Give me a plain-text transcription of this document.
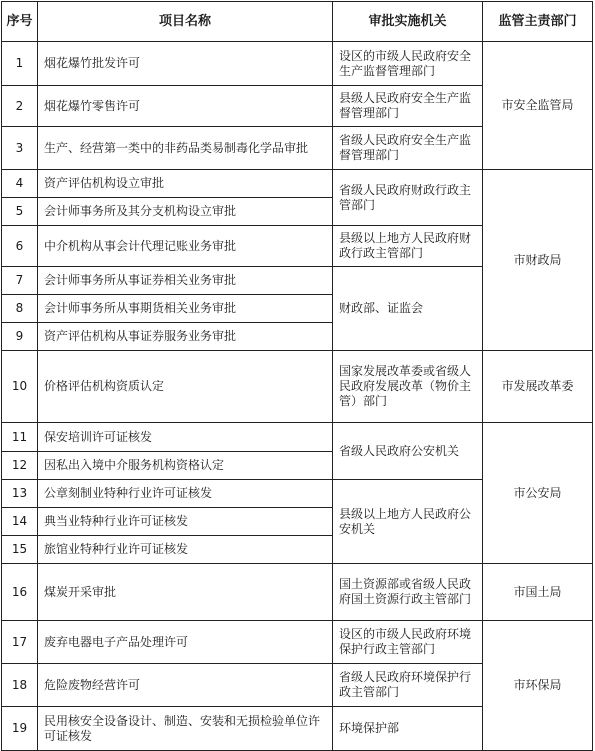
序号	项目名称	审批实施机关	监管主责部门
1	烟花爆竹批发许可	设区的市级人民政府安全生产监督管理部门	市安全监管局
2	烟花爆竹零售许可	县级人民政府安全生产监督管理部门	
3	生产、经营第一类中的非药品类易制毒化学品审批	省级人民政府安全生产监督管理部门	
4	资产评估机构设立审批	省级人民政府财政行政主管部门	市财政局
5	会计师事务所及其分支机构设立审批		
6	中介机构从事会计代理记账业务审批	县级以上地方人民政府财政行政主管部门	
7	会计师事务所从事证券相关业务审批	财政部、证监会	
8	会计师事务所从事期货相关业务审批		
9	资产评估机构从事证券服务业务审批		
10	价格评估机构资质认定	国家发展改革委或省级人民政府发展改革（物价主管）部门	市发展改革委
11	保安培训许可证核发	省级人民政府公安机关	市公安局
12	因私出入境中介服务机构资格认定		
13	公章刻制业特种行业许可证核发	县级以上地方人民政府公安机关	
14	典当业特种行业许可证核发		
15	旅馆业特种行业许可证核发		
16	煤炭开采审批	国土资源部或省级人民政府国土资源行政主管部门	市国土局
17	废弃电器电子产品处理许可	设区的市级人民政府环境保护行政主管部门	市环保局
18	危险废物经营许可	省级人民政府环境保护行政主管部门	
19	民用核安全设备设计、制造、安装和无损检验单位许可证核发	环境保护部	
